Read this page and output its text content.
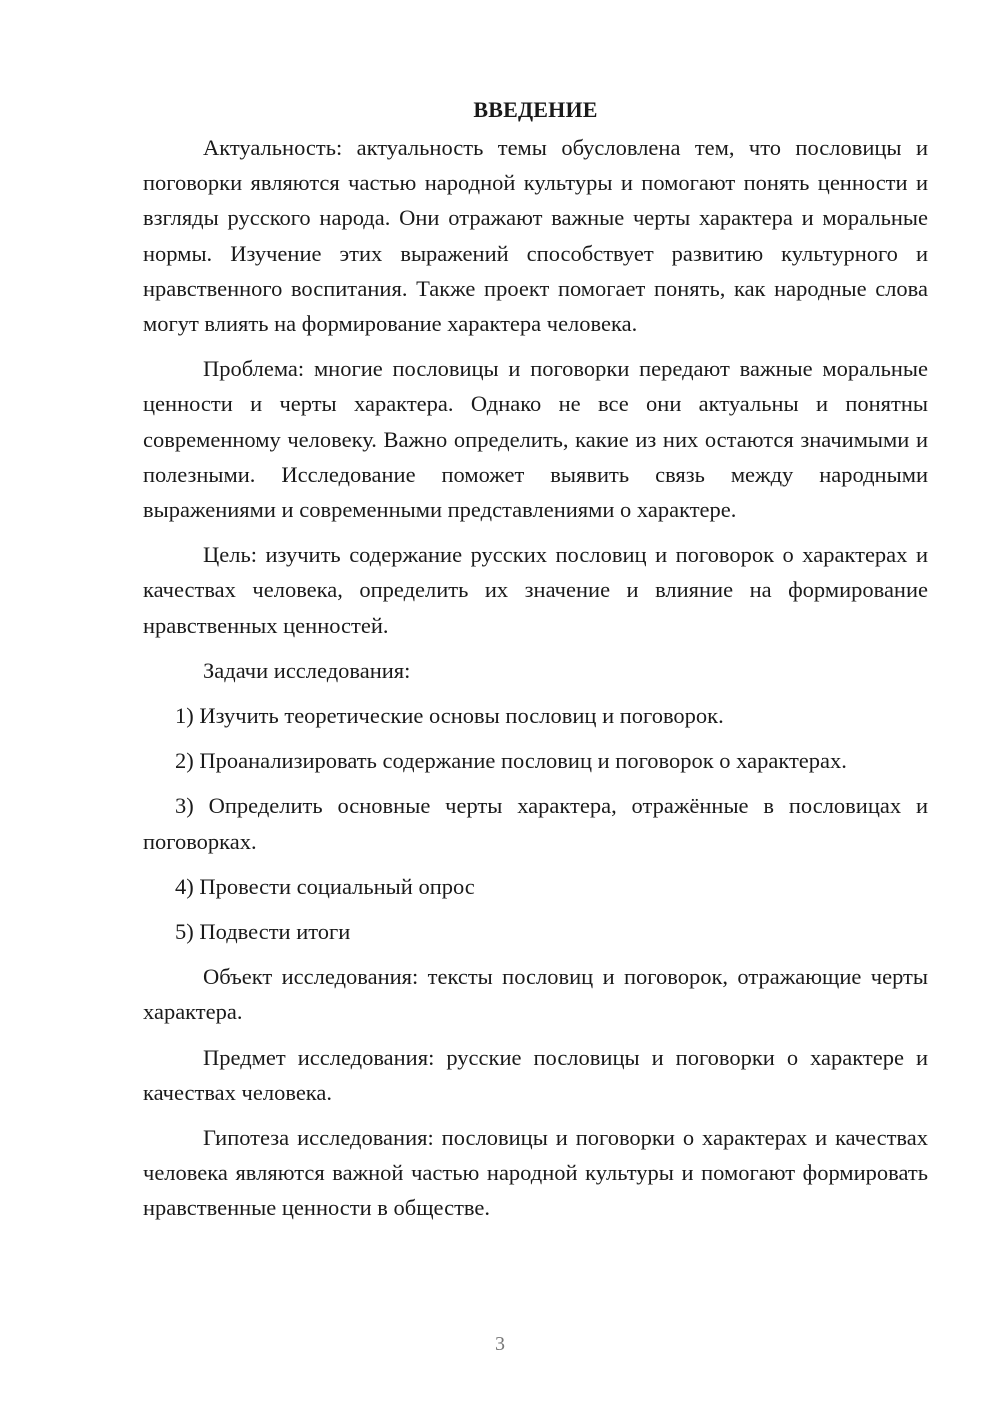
ВВЕДЕНИЕ

Актуальность: актуальность темы обусловлена тем, что пословицы и поговорки являются частью народной культуры и помогают понять ценности и взгляды русского народа. Они отражают важные черты характера и моральные нормы. Изучение этих выражений способствует развитию культурного и нравственного воспитания. Также проект помогает понять, как народные слова могут влиять на формирование характера человека.

Проблема: многие пословицы и поговорки передают важные моральные ценности и черты характера. Однако не все они актуальны и понятны современному человеку. Важно определить, какие из них остаются значимыми и полезными. Исследование поможет выявить связь между народными выражениями и современными представлениями о характере.

Цель: изучить содержание русских пословиц и поговорок о характерах и качествах человека, определить их значение и влияние на формирование нравственных ценностей.

Задачи исследования:

1) Изучить теоретические основы пословиц и поговорок.

2) Проанализировать содержание пословиц и поговорок о характерах.

3) Определить основные черты характера, отражённые в пословицах и поговорках.

4) Провести социальный опрос

5) Подвести итоги

Объект исследования: тексты пословиц и поговорок, отражающие черты характера.

Предмет исследования: русские пословицы и поговорки о характере и качествах человека.

Гипотеза исследования: пословицы и поговорки о характерах и качествах человека являются важной частью народной культуры и помогают формировать нравственные ценности в обществе.

3
